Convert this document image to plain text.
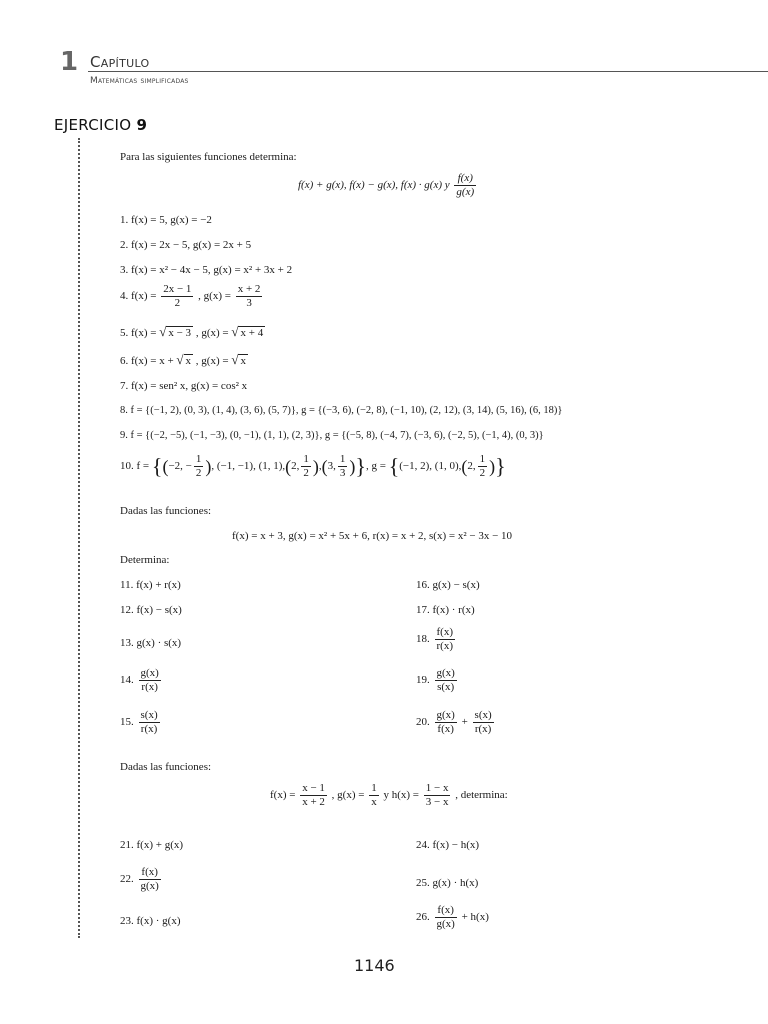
1 Capítulo
Matemáticas simplificadas
EJERCICIO 9
Para las siguientes funciones determina:
f(x) + g(x), f(x) − g(x), f(x) · g(x) y $\frac{f(x)}{g(x)}$
1. f(x) = 5, g(x) = −2
2. f(x) = 2x − 5, g(x) = 2x + 5
3. f(x) = x² − 4x − 5, g(x) = x² + 3x + 2
4. $f(x) = \frac{2x - 1}{2}$ , $g(x) = \frac{x + 2}{3}$
5. f(x) = √ x − 3 , g(x) = √ x + 4
6. f(x) = x + √ x , g(x) = √ x
7. f(x) = sen² x, g(x) = cos² x
8. f = {(−1, 2), (0, 3), (1, 4), (3, 6), (5, 7)}, g = {(−3, 6), (−2, 8), (−1, 10), (2, 12), (3, 14), (5, 16), (6, 18)}
9. f = {(−2, −5), (−1, −3), (0, −1), (1, 1), (2, 3)}, g = {(−5, 8), (−4, 7), (−3, 6), (−2, 5), (−1, 4), (0, 3)}
10. f = {(−2, − $\frac{1}{2}$ ), (−1, −1), (1, 1),(2, $\frac{1}{2} ),(3$, $\frac{1}{3}$ )}, g = {(−1, 2), (1, 0),(2, $\frac{1}{2}$ )}
Dadas las funciones:
f(x) = x + 3, g(x) = x² + 5x + 6, r(x) = x + 2, s(x) = x² − 3x − 10
Determina:
11. f(x) + r(x)
12. f(x) − s(x)
13. g(x) · s(x)
14. $\frac{g(x)}{r(x)}$
15. $\frac{s(x)}{r(x)}$
16. g(x) − s(x)
17. f(x) · r(x)
18. $\frac{f(x)}{r(x)}$
19. $\frac{g(x)}{s(x)}$
20. $\frac{g(x)}{f(x)} + \frac{s(x)}{r(x)}$
Dadas las funciones:
$f(x) = \frac{x - 1}{x + 2}$ , $g(x) = \frac{1}{x}$ y $h(x) = \frac{1 - x}{3 - x}$ , determina:
21. f(x) + g(x)
22. $\frac{f(x)}{g(x)}$
23. f(x) · g(x)
24. f(x) − h(x)
25. g(x) · h(x)
26. $\frac{f(x)}{g(x)} + h(x)$
1146
